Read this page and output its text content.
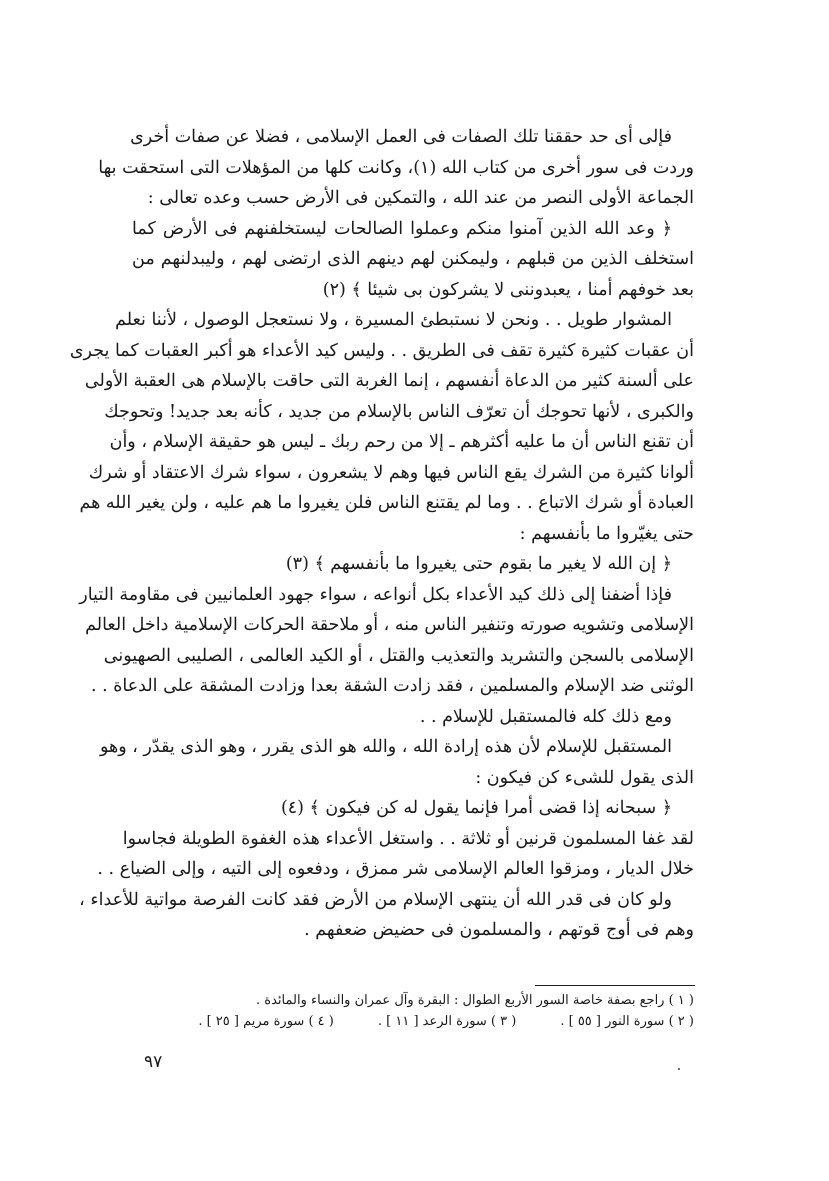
فإلى أى حد حققنا تلك الصفات فى العمل الإسلامى ، فضلا عن صفات أخرى
وردت فى سور أخرى من كتاب الله (١)، وكانت كلها من المؤهلات التى استحقت بها
الجماعة الأولى النصر من عند الله ، والتمكين فى الأرض حسب وعده تعالى :
﴿ وعد الله الذين آمنوا منكم وعملوا الصالحات ليستخلفنهم فى الأرض كما
استخلف الذين من قبلهم ، وليمكنن لهم دينهم الذى ارتضى لهم ، وليبدلنهم من
بعد خوفهم أمنا ، يعبدوننى لا يشركون بى شيئا ﴾ (٢)
المشوار طويل . . ونحن لا نستبطئ المسيرة ، ولا نستعجل الوصول ، لأننا نعلم
أن عقبات كثيرة كثيرة تقف فى الطريق . . وليس كيد الأعداء هو أكبر العقبات كما يجرى
على ألسنة كثير من الدعاة أنفسهم ، إنما الغربة التى حاقت بالإسلام هى العقبة الأولى
والكبرى ، لأنها تحوجك أن تعرّف الناس بالإسلام من جديد ، كأنه بعد جديد! وتحوجك
أن تقنع الناس أن ما عليه أكثرهم ـ إلا من رحم ربك ـ ليس هو حقيقة الإسلام ، وأن
ألوانا كثيرة من الشرك يقع الناس فيها وهم لا يشعرون ، سواء شرك الاعتقاد أو شرك
العبادة أو شرك الاتباع . . وما لم يقتنع الناس فلن يغيروا ما هم عليه ، ولن يغير الله هم
حتى يغيّروا ما بأنفسهم :
﴿ إن الله لا يغير ما بقوم حتى يغيروا ما بأنفسهم ﴾ (٣)
فإذا أضفنا إلى ذلك كيد الأعداء بكل أنواعه ، سواء جهود العلمانيين فى مقاومة التيار
الإسلامى وتشويه صورته وتنفير الناس منه ، أو ملاحقة الحركات الإسلامية داخل العالم
الإسلامى بالسجن والتشريد والتعذيب والقتل ، أو الكيد العالمى ، الصليبى الصهيونى
الوثنى ضد الإسلام والمسلمين ، فقد زادت الشقة بعدا وزادت المشقة على الدعاة . .
ومع ذلك كله فالمستقبل للإسلام . .
المستقبل للإسلام لأن هذه إرادة الله ، والله هو الذى يقرر ، وهو الذى يقدّر ، وهو
الذى يقول للشىء كن فيكون :
﴿ سبحانه إذا قضى أمرا فإنما يقول له كن فيكون ﴾ (٤)
لقد غفا المسلمون قرنين أو ثلاثة . . واستغل الأعداء هذه الغفوة الطويلة فجاسوا
خلال الديار ، ومزقوا العالم الإسلامى شر ممزق ، ودفعوه إلى التيه ، وإلى الضياع . .
ولو كان فى قدر الله أن ينتهى الإسلام من الأرض فقد كانت الفرصة مواتية للأعداء ،
وهم فى أوج قوتهم ، والمسلمون فى حضيض ضعفهم .
( ١ ) راجع بصفة خاصة السور الأربع الطوال : البقرة وآل عمران والنساء والمائدة .
( ٢ ) سورة النور [ ٥٥ ] .( ٣ ) سورة الرعد [ ١١ ] .( ٤ ) سورة مريم [ ٢٥ ] .
٩٧
